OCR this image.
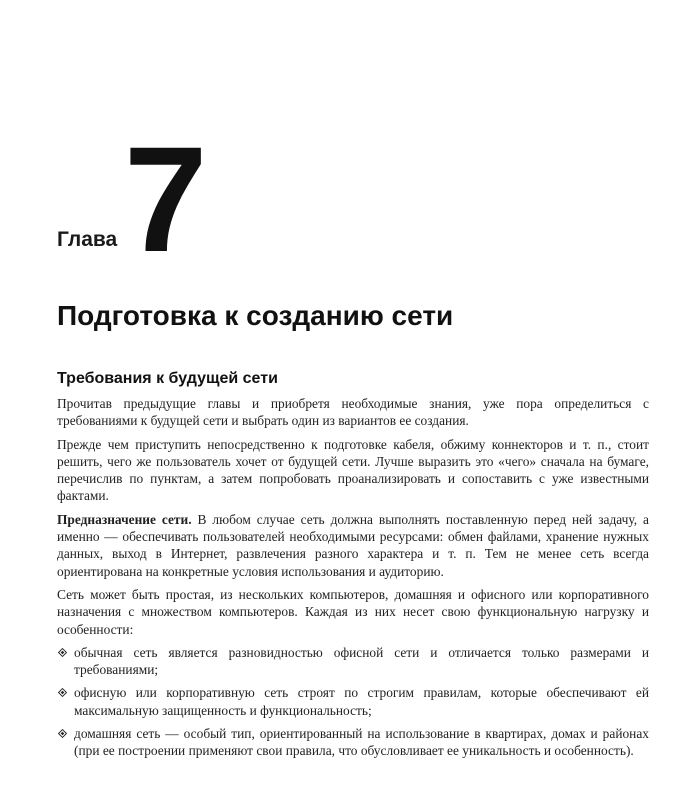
Глава 7
Подготовка к созданию сети
Требования к будущей сети

Прочитав предыдущие главы и приобретя необходимые знания, уже пора определиться с требованиями к будущей сети и выбрать один из вариантов ее создания.

Прежде чем приступить непосредственно к подготовке кабеля, обжиму коннекторов и т. п., стоит решить, чего же пользователь хочет от будущей сети. Лучше выразить это «чего» сначала на бумаге, перечислив по пунктам, а затем попробовать проанализировать и сопоставить с уже известными фактами.

Предназначение сети. В любом случае сеть должна выполнять поставленную перед ней задачу, а именно — обеспечивать пользователей необходимыми ресурсами: обмен файлами, хранение нужных данных, выход в Интернет, развлечения разного характера и т. п. Тем не менее сеть всегда ориентирована на конкретные условия использования и аудиторию.

Сеть может быть простая, из нескольких компьютеров, домашняя и офисного или корпоративного назначения с множеством компьютеров. Каждая из них несет свою функциональную нагрузку и особенности:

обычная сеть является разновидностью офисной сети и отличается только размерами и требованиями;
офисную или корпоративную сеть строят по строгим правилам, которые обеспечивают ей максимальную защищенность и функциональность;
домашняя сеть — особый тип, ориентированный на использование в квартирах, домах и районах (при ее построении применяют свои правила, что обусловливает ее уникальность и особенность).
